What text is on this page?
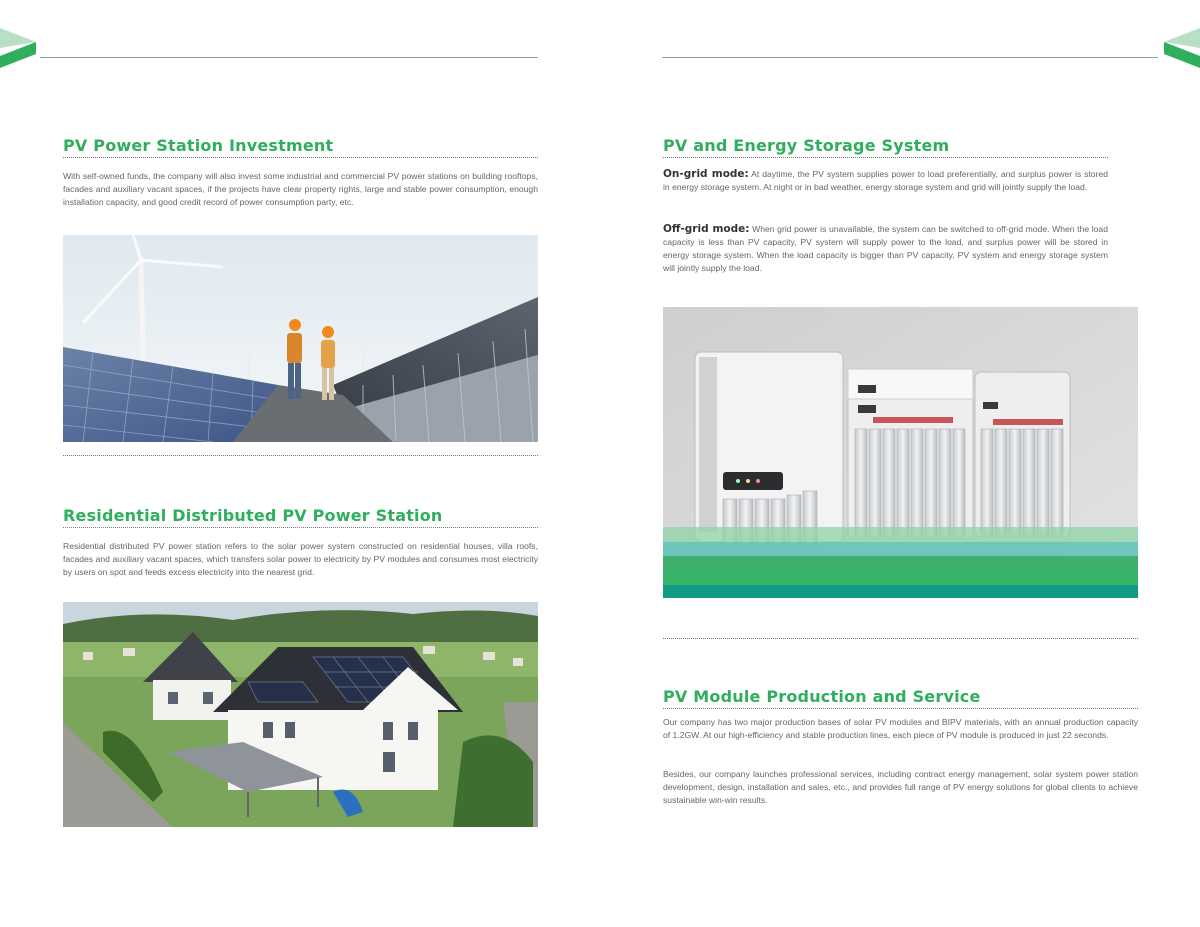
PV Power Station Investment

With self-owned funds, the company will also invest some industrial and commercial PV power stations on building rooftops, facades and auxiliary vacant spaces, if the projects have clear property rights, large and stable power consumption, enough installation capacity, and good credit record of power consumption party, etc.

Residential Distributed PV Power Station

Residential distributed PV power station refers to the solar power system constructed on residential houses, villa roofs, facades and auxiliary vacant spaces, which transfers solar power to electricity by PV modules and consumes most electricity by users on spot and feeds excess electricity into the nearest grid.

PV and Energy Storage System

On-grid mode: At daytime, the PV system supplies power to load preferentially, and surplus power is stored in energy storage system. At night or in bad weather, energy storage system and grid will jointly supply the load.

Off-grid mode: When grid power is unavailable, the system can be switched to off-grid mode. When the load capacity is less than PV capacity, PV system will supply power to the load, and surplus power will be stored in energy storage system. When the load capacity is bigger than PV capacity, PV system and energy storage system will jointly supply the load.

PV Module Production and Service

Our company has two major production bases of solar PV modules and BIPV materials, with an annual production capacity of 1.2GW. At our high-efficiency and stable production lines, each piece of PV module is produced in just 22 seconds.

Besides, our company launches professional services, including contract energy management, solar system power station development, design, installation and sales, etc., and provides full range of PV energy solutions for global clients to achieve sustainable win-win results.
